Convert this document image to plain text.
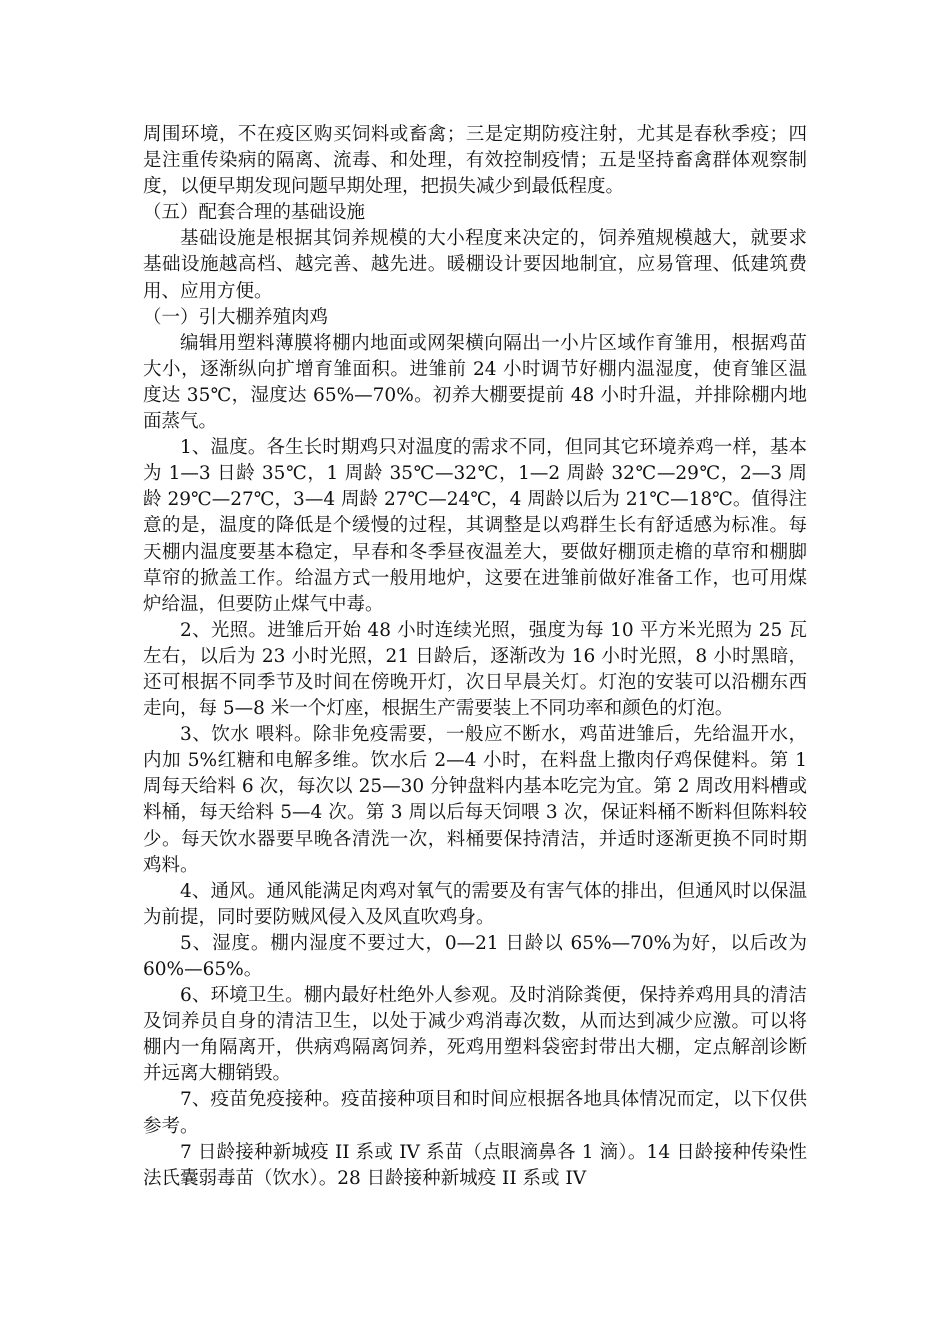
周围环境，不在疫区购买饲料或畜禽；三是定期防疫注射，尤其是春秋季疫；四是注重传染病的隔离、流毒、和处理，有效控制疫情；五是坚持畜禽群体观察制度，以便早期发现问题早期处理，把损失减少到最低程度。

（五）配套合理的基础设施

基础设施是根据其饲养规模的大小程度来决定的，饲养殖规模越大，就要求基础设施越高档、越完善、越先进。暖棚设计要因地制宜，应易管理、低建筑费用、应用方便。

（一）引大棚养殖肉鸡

编辑用塑料薄膜将棚内地面或网架横向隔出一小片区域作育雏用，根据鸡苗大小，逐渐纵向扩增育雏面积。进雏前 24 小时调节好棚内温湿度，使育雏区温度达 35℃，湿度达 65%—70%。初养大棚要提前 48 小时升温，并排除棚内地面蒸气。

1、温度。各生长时期鸡只对温度的需求不同，但同其它环境养鸡一样，基本为 1—3 日龄 35℃，1 周龄 35℃—32℃，1—2 周龄 32℃—29℃，2—3 周龄 29℃—27℃，3—4 周龄 27℃—24℃，4 周龄以后为 21℃—18℃。值得注意的是，温度的降低是个缓慢的过程，其调整是以鸡群生长有舒适感为标准。每天棚内温度要基本稳定，早春和冬季昼夜温差大，要做好棚顶走檐的草帘和棚脚草帘的掀盖工作。给温方式一般用地炉，这要在进雏前做好准备工作，也可用煤炉给温，但要防止煤气中毒。

2、光照。进雏后开始 48 小时连续光照，强度为每 10 平方米光照为 25 瓦左右，以后为 23 小时光照，21 日龄后，逐渐改为 16 小时光照，8 小时黑暗，还可根据不同季节及时间在傍晚开灯，次日早晨关灯。灯泡的安装可以沿棚东西走向，每 5—8 米一个灯座，根据生产需要装上不同功率和颜色的灯泡。

3、饮水 喂料。除非免疫需要，一般应不断水，鸡苗进雏后，先给温开水，内加 5%红糖和电解多维。饮水后 2—4 小时，在料盘上撒肉仔鸡保健料。第 1 周每天给料 6 次，每次以 25—30 分钟盘料内基本吃完为宜。第 2 周改用料槽或料桶，每天给料 5—4 次。第 3 周以后每天饲喂 3 次，保证料桶不断料但陈料较少。每天饮水器要早晚各清洗一次，料桶要保持清洁，并适时逐渐更换不同时期鸡料。

4、通风。通风能满足肉鸡对氧气的需要及有害气体的排出，但通风时以保温为前提，同时要防贼风侵入及风直吹鸡身。

5、湿度。棚内湿度不要过大，0—21 日龄以 65%—70%为好，以后改为 60%—65%。

6、环境卫生。棚内最好杜绝外人参观。及时消除粪便，保持养鸡用具的清洁及饲养员自身的清洁卫生，以处于减少鸡消毒次数，从而达到减少应激。可以将棚内一角隔离开，供病鸡隔离饲养，死鸡用塑料袋密封带出大棚，定点解剖诊断并远离大棚销毁。

7、疫苗免疫接种。疫苗接种项目和时间应根据各地具体情况而定，以下仅供参考。

7 日龄接种新城疫 II 系或 IV 系苗（点眼滴鼻各 1 滴）。14 日龄接种传染性法氏囊弱毒苗（饮水）。28 日龄接种新城疫 II 系或 IV
